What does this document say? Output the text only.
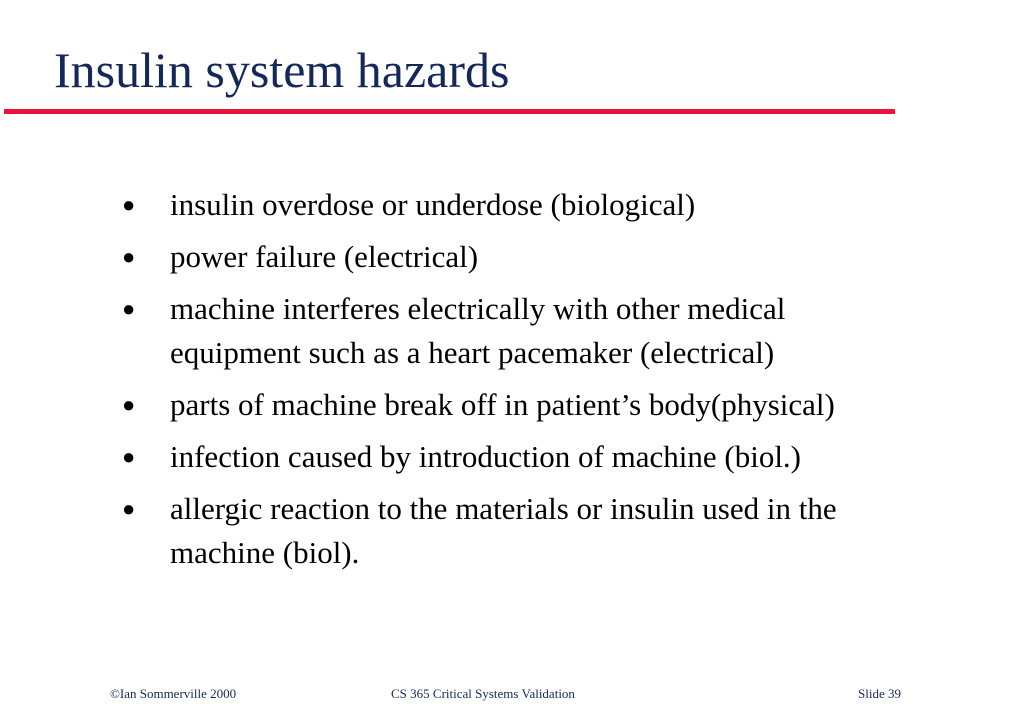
Insulin system hazards
● insulin overdose or underdose (biological)
● power failure (electrical)
● machine interferes electrically with other medical equipment such as a heart pacemaker (electrical)
● parts of machine break off in patient’s body(physical)
● infection caused by introduction of machine (biol.)
● allergic reaction to the materials or insulin used in the machine (biol).
©Ian Sommerville 2000	CS 365 Critical Systems Validation	Slide 39
